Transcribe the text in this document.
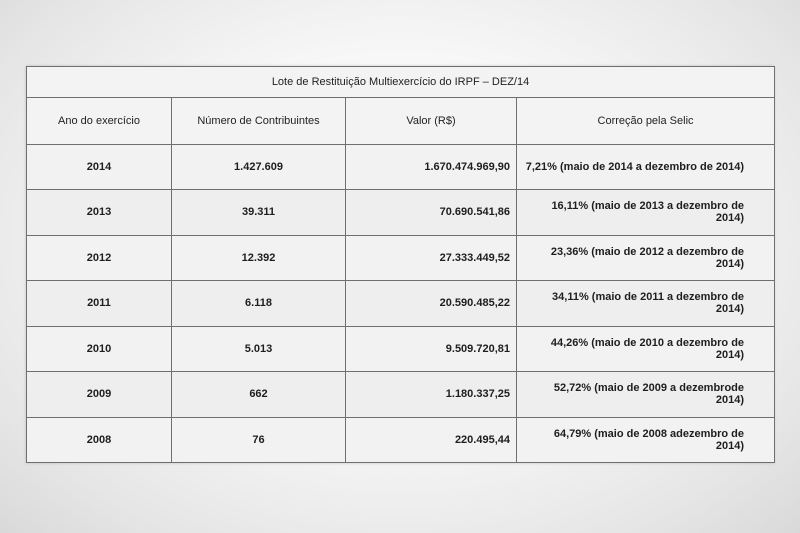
Lote de Restituição Multiexercício do IRPF – DEZ/14			
Ano do exercício	Número de Contribuintes	Valor (R$)	Correção pela Selic
2014	1.427.609	1.670.474.969,90	7,21% (maio de 2014 a dezembro de 2014)
2013	39.311	70.690.541,86	16,11% (maio de 2013 a dezembro de 2014)
2012	12.392	27.333.449,52	23,36% (maio de 2012 a dezembro de 2014)
2011	6.118	20.590.485,22	34,11% (maio de 2011 a dezembro de 2014)
2010	5.013	9.509.720,81	44,26% (maio de 2010 a dezembro de 2014)
2009	662	1.180.337,25	52,72% (maio de 2009 a dezembrode 2014)
2008	76	220.495,44	64,79% (maio de 2008 adezembro de 2014)
